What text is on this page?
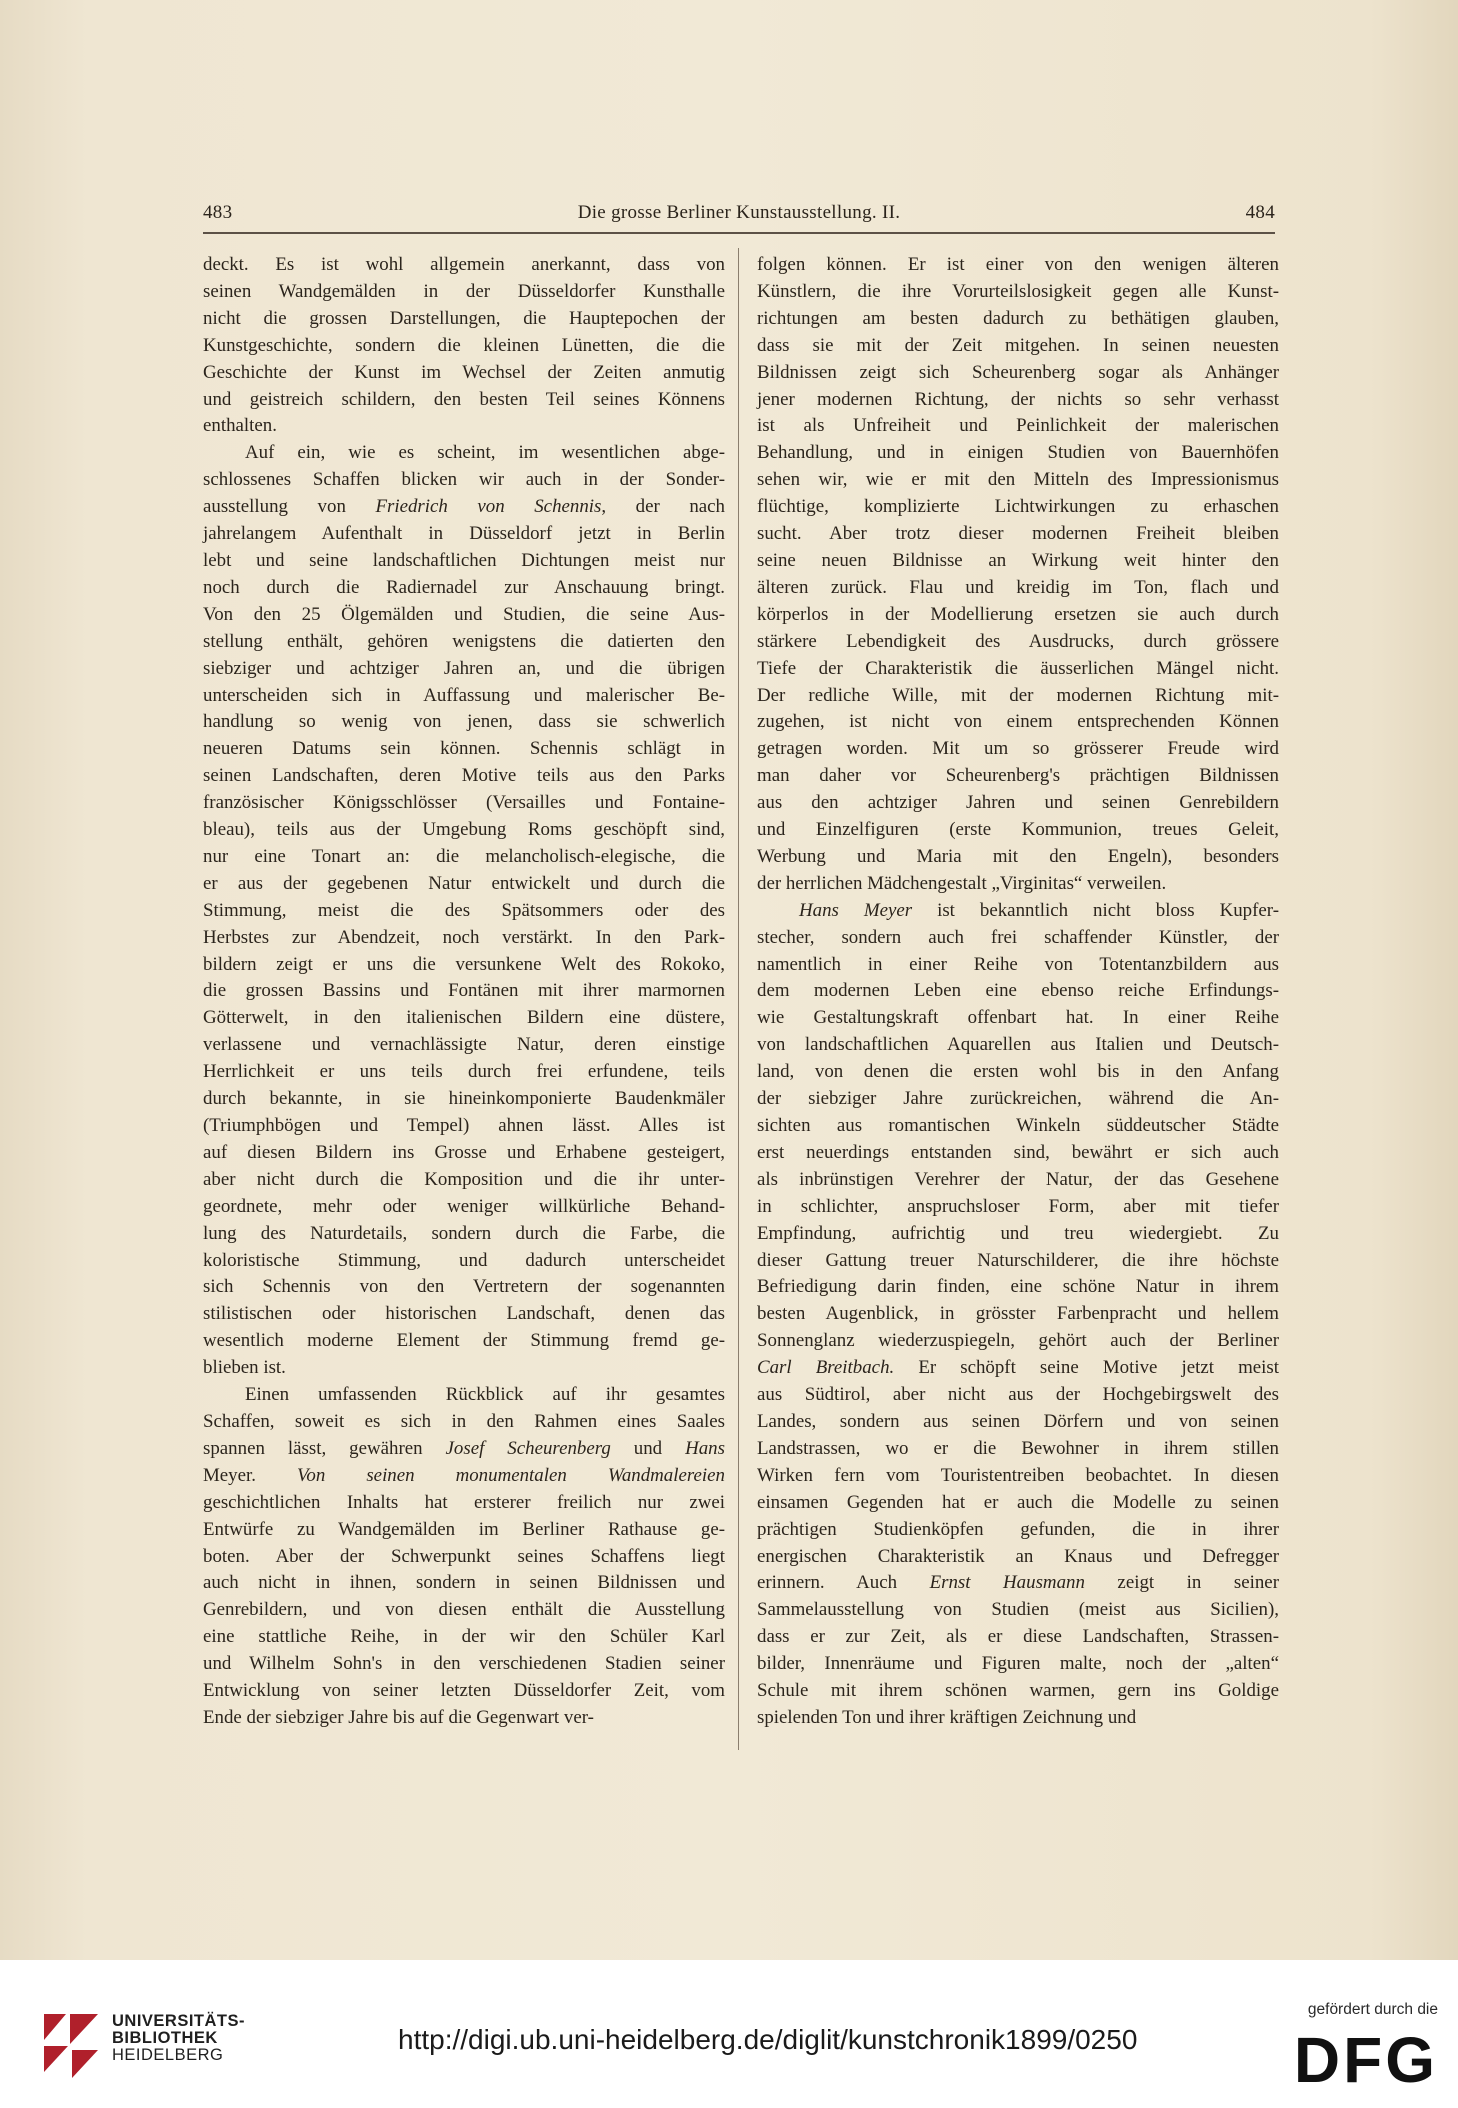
483	Die grosse Berliner Kunstausstellung. II.	484
deckt. Es ist wohl allgemein anerkannt, dass von
seinen Wandgemälden in der Düsseldorfer Kunsthalle
nicht die grossen Darstellungen, die Hauptepochen der
Kunstgeschichte, sondern die kleinen Lünetten, die die
Geschichte der Kunst im Wechsel der Zeiten anmutig
und geistreich schildern, den besten Teil seines Könnens
enthalten.
Auf ein, wie es scheint, im wesentlichen abge-
schlossenes Schaffen blicken wir auch in der Sonder-
ausstellung von Friedrich von Schennis, der nach
jahrelangem Aufenthalt in Düsseldorf jetzt in Berlin
lebt und seine landschaftlichen Dichtungen meist nur
noch durch die Radiernadel zur Anschauung bringt.
Von den 25 Ölgemälden und Studien, die seine Aus-
stellung enthält, gehören wenigstens die datierten den
siebziger und achtziger Jahren an, und die übrigen
unterscheiden sich in Auffassung und malerischer Be-
handlung so wenig von jenen, dass sie schwerlich
neueren Datums sein können. Schennis schlägt in
seinen Landschaften, deren Motive teils aus den Parks
französischer Königsschlösser (Versailles und Fontaine-
bleau), teils aus der Umgebung Roms geschöpft sind,
nur eine Tonart an: die melancholisch-elegische, die
er aus der gegebenen Natur entwickelt und durch die
Stimmung, meist die des Spätsommers oder des
Herbstes zur Abendzeit, noch verstärkt. In den Park-
bildern zeigt er uns die versunkene Welt des Rokoko,
die grossen Bassins und Fontänen mit ihrer marmornen
Götterwelt, in den italienischen Bildern eine düstere,
verlassene und vernachlässigte Natur, deren einstige
Herrlichkeit er uns teils durch frei erfundene, teils
durch bekannte, in sie hineinkomponierte Baudenkmäler
(Triumphbögen und Tempel) ahnen lässt. Alles ist
auf diesen Bildern ins Grosse und Erhabene gesteigert,
aber nicht durch die Komposition und die ihr unter-
geordnete, mehr oder weniger willkürliche Behand-
lung des Naturdetails, sondern durch die Farbe, die
koloristische Stimmung, und dadurch unterscheidet
sich Schennis von den Vertretern der sogenannten
stilistischen oder historischen Landschaft, denen das
wesentlich moderne Element der Stimmung fremd ge-
blieben ist.
Einen umfassenden Rückblick auf ihr gesamtes
Schaffen, soweit es sich in den Rahmen eines Saales
spannen lässt, gewähren Josef Scheurenberg und Hans
Meyer. Von seinen monumentalen Wandmalereien
geschichtlichen Inhalts hat ersterer freilich nur zwei
Entwürfe zu Wandgemälden im Berliner Rathause ge-
boten. Aber der Schwerpunkt seines Schaffens liegt
auch nicht in ihnen, sondern in seinen Bildnissen und
Genrebildern, und von diesen enthält die Ausstellung
eine stattliche Reihe, in der wir den Schüler Karl
und Wilhelm Sohn's in den verschiedenen Stadien seiner
Entwicklung von seiner letzten Düsseldorfer Zeit, vom
Ende der siebziger Jahre bis auf die Gegenwart ver-
folgen können. Er ist einer von den wenigen älteren
Künstlern, die ihre Vorurteilslosigkeit gegen alle Kunst-
richtungen am besten dadurch zu bethätigen glauben,
dass sie mit der Zeit mitgehen. In seinen neuesten
Bildnissen zeigt sich Scheurenberg sogar als Anhänger
jener modernen Richtung, der nichts so sehr verhasst
ist als Unfreiheit und Peinlichkeit der malerischen
Behandlung, und in einigen Studien von Bauernhöfen
sehen wir, wie er mit den Mitteln des Impressionismus
flüchtige, komplizierte Lichtwirkungen zu erhaschen
sucht. Aber trotz dieser modernen Freiheit bleiben
seine neuen Bildnisse an Wirkung weit hinter den
älteren zurück. Flau und kreidig im Ton, flach und
körperlos in der Modellierung ersetzen sie auch durch
stärkere Lebendigkeit des Ausdrucks, durch grössere
Tiefe der Charakteristik die äusserlichen Mängel nicht.
Der redliche Wille, mit der modernen Richtung mit-
zugehen, ist nicht von einem entsprechenden Können
getragen worden. Mit um so grösserer Freude wird
man daher vor Scheurenberg's prächtigen Bildnissen
aus den achtziger Jahren und seinen Genrebildern
und Einzelfiguren (erste Kommunion, treues Geleit,
Werbung und Maria mit den Engeln), besonders
der herrlichen Mädchengestalt „Virginitas“ verweilen.
Hans Meyer ist bekanntlich nicht bloss Kupfer-
stecher, sondern auch frei schaffender Künstler, der
namentlich in einer Reihe von Totentanzbildern aus
dem modernen Leben eine ebenso reiche Erfindungs-
wie Gestaltungskraft offenbart hat. In einer Reihe
von landschaftlichen Aquarellen aus Italien und Deutsch-
land, von denen die ersten wohl bis in den Anfang
der siebziger Jahre zurückreichen, während die An-
sichten aus romantischen Winkeln süddeutscher Städte
erst neuerdings entstanden sind, bewährt er sich auch
als inbrünstigen Verehrer der Natur, der das Gesehene
in schlichter, anspruchsloser Form, aber mit tiefer
Empfindung, aufrichtig und treu wiedergiebt. Zu
dieser Gattung treuer Naturschilderer, die ihre höchste
Befriedigung darin finden, eine schöne Natur in ihrem
besten Augenblick, in grösster Farbenpracht und hellem
Sonnenglanz wiederzuspiegeln, gehört auch der Berliner
Carl Breitbach. Er schöpft seine Motive jetzt meist
aus Südtirol, aber nicht aus der Hochgebirgswelt des
Landes, sondern aus seinen Dörfern und von seinen
Landstrassen, wo er die Bewohner in ihrem stillen
Wirken fern vom Touristentreiben beobachtet. In diesen
einsamen Gegenden hat er auch die Modelle zu seinen
prächtigen Studienköpfen gefunden, die in ihrer
energischen Charakteristik an Knaus und Defregger
erinnern. Auch Ernst Hausmann zeigt in seiner
Sammelausstellung von Studien (meist aus Sicilien),
dass er zur Zeit, als er diese Landschaften, Strassen-
bilder, Innenräume und Figuren malte, noch der „alten“
Schule mit ihrem schönen warmen, gern ins Goldige
spielenden Ton und ihrer kräftigen Zeichnung und
UNIVERSITÄTS-
BIBLIOTHEK
HEIDELBERG	http://digi.ub.uni-heidelberg.de/diglit/kunstchronik1899/0250
gefördert durch die
DFG
